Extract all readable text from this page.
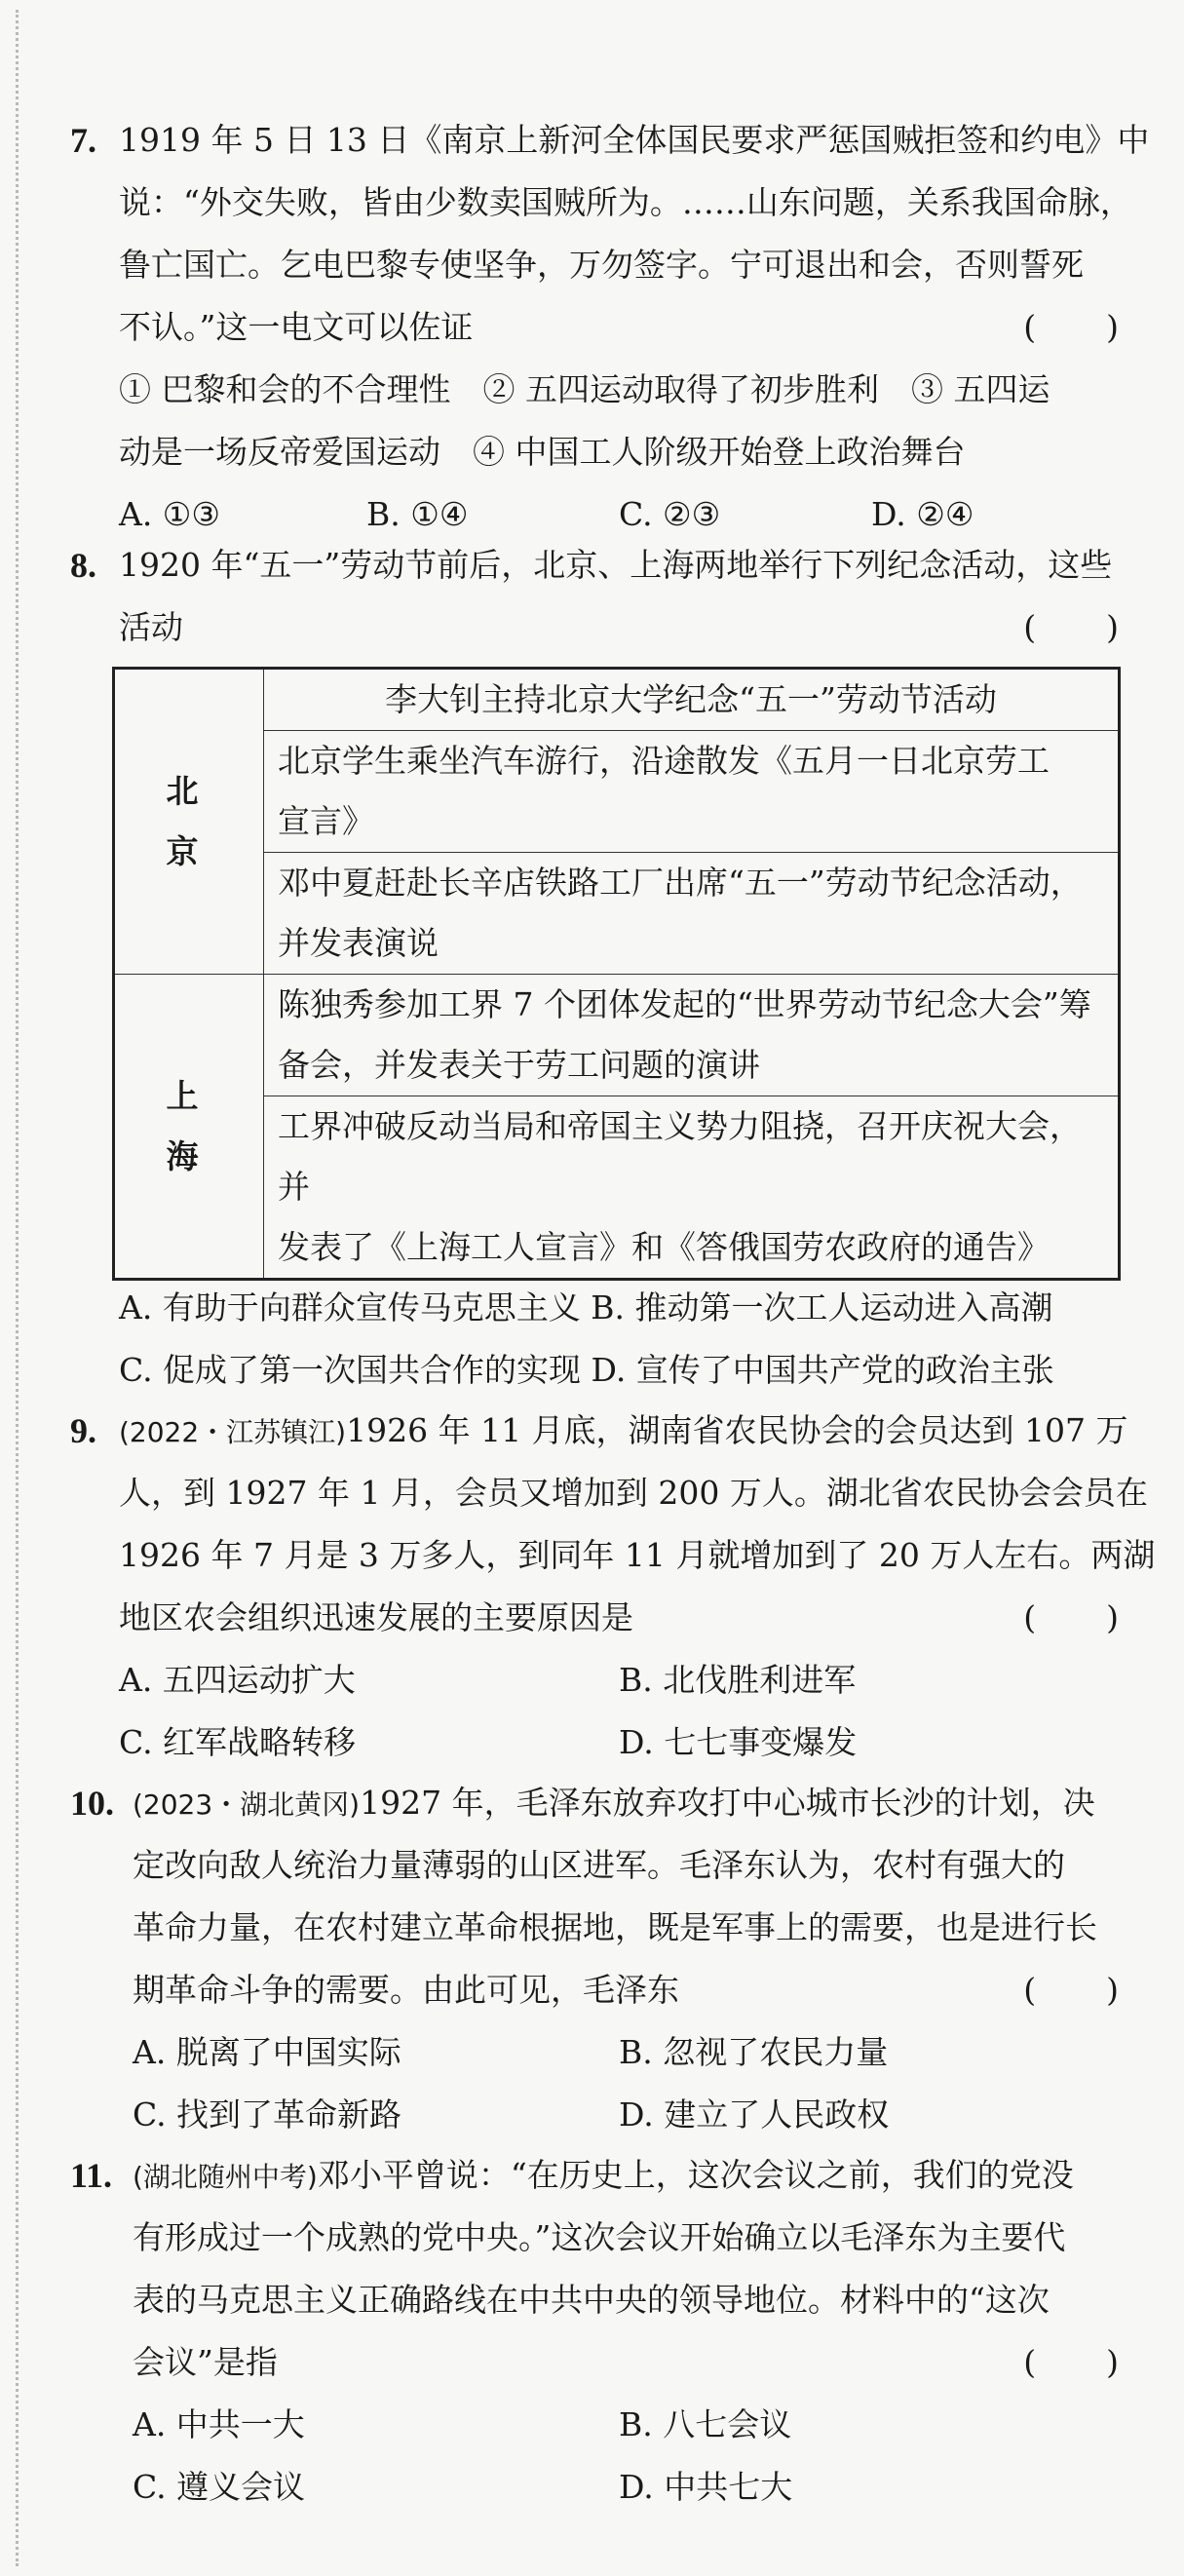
7. 1919 年 5 日 13 日《南京上新河全体国民要求严惩国贼拒签和约电》中
说：“外交失败，皆由少数卖国贼所为。……山东问题，关系我国命脉，
鲁亡国亡。乞电巴黎专使坚争，万勿签字。宁可退出和会，否则誓死
不认。”这一电文可以佐证	(　　)
① 巴黎和会的不合理性　② 五四运动取得了初步胜利　③ 五四运
动是一场反帝爱国运动　④ 中国工人阶级开始登上政治舞台
A. ①③	B. ①④	C. ②③	D. ②④
8. 1920 年“五一”劳动节前后，北京、上海两地举行下列纪念活动，这些
活动	(　　)
北京	李大钊主持北京大学纪念“五一”劳动节活动

	北京学生乘坐汽车游行，沿途散发《五月一日北京劳工
宣言》

	邓中夏赶赴长辛店铁路工厂出席“五一”劳动节纪念活动，
并发表演说

上海	陈独秀参加工界 7 个团体发起的“世界劳动节纪念大会”筹
备会，并发表关于劳工问题的演讲

	工界冲破反动当局和帝国主义势力阻挠，召开庆祝大会，并
发表了《上海工人宣言》和《答俄国劳农政府的通告》
A. 有助于向群众宣传马克思主义 B. 推动第一次工人运动进入高潮
C. 促成了第一次国共合作的实现 D. 宣传了中国共产党的政治主张
9. (2022・江苏镇江)1926 年 11 月底，湖南省农民协会的会员达到 107 万
人，到 1927 年 1 月，会员又增加到 200 万人。湖北省农民协会会员在
1926 年 7 月是 3 万多人，到同年 11 月就增加到了 20 万人左右。两湖
地区农会组织迅速发展的主要原因是	(　　)
A. 五四运动扩大	B. 北伐胜利进军
C. 红军战略转移	D. 七七事变爆发
10. (2023・湖北黄冈)1927 年，毛泽东放弃攻打中心城市长沙的计划，决
定改向敌人统治力量薄弱的山区进军。毛泽东认为，农村有强大的
革命力量，在农村建立革命根据地，既是军事上的需要，也是进行长
期革命斗争的需要。由此可见，毛泽东	(　　)
A. 脱离了中国实际	B. 忽视了农民力量
C. 找到了革命新路	D. 建立了人民政权
11. (湖北随州中考)邓小平曾说：“在历史上，这次会议之前，我们的党没
有形成过一个成熟的党中央。”这次会议开始确立以毛泽东为主要代
表的马克思主义正确路线在中共中央的领导地位。材料中的“这次
会议”是指	(　　)
A. 中共一大	B. 八七会议
C. 遵义会议	D. 中共七大
